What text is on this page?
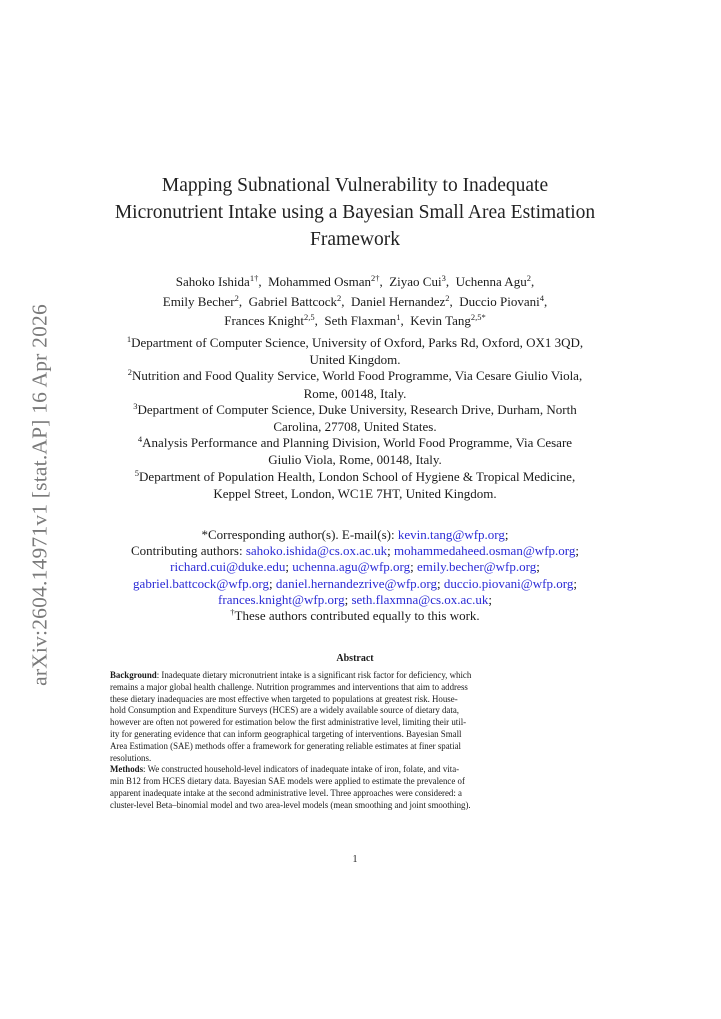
arXiv:2604.14971v1 [stat.AP] 16 Apr 2026
Mapping Subnational Vulnerability to Inadequate
Micronutrient Intake using a Bayesian Small Area Estimation
Framework
Sahoko Ishida$^{1\dagger}$,  Mohammed Osman$^{2\dagger}$,  Ziyao Cui$^3$,  Uchenna Agu$^2$,
Emily Becher$^2$,  Gabriel Battcock$^2$,  Daniel Hernandez$^2$,  Duccio Piovani$^4$,
Frances Knight$^{2,5}$,  Seth Flaxman$^1$,  Kevin Tang$^{2,5*}$
$^1$Department of Computer Science, University of Oxford, Parks Rd, Oxford, OX1 3QD,
United Kingdom.
$^2$Nutrition and Food Quality Service, World Food Programme, Via Cesare Giulio Viola,
Rome, 00148, Italy.
$^3$Department of Computer Science, Duke University, Research Drive, Durham, North
Carolina, 27708, United States.
$^4$Analysis Performance and Planning Division, World Food Programme, Via Cesare
Giulio Viola, Rome, 00148, Italy.
$^5$Department of Population Health, London School of Hygiene & Tropical Medicine,
Keppel Street, London, WC1E 7HT, United Kingdom.
*Corresponding author(s). E-mail(s): kevin.tang@wfp.org;
Contributing authors: sahoko.ishida@cs.ox.ac.uk; mohammedaheed.osman@wfp.org;
richard.cui@duke.edu; uchenna.agu@wfp.org; emily.becher@wfp.org;
gabriel.battcock@wfp.org; daniel.hernandezrive@wfp.org; duccio.piovani@wfp.org;
frances.knight@wfp.org; seth.flaxmna@cs.ox.ac.uk;
†These authors contributed equally to this work.
Abstract
Background: Inadequate dietary micronutrient intake is a significant risk factor for deficiency, which
remains a major global health challenge. Nutrition programmes and interventions that aim to address
these dietary inadequacies are most effective when targeted to populations at greatest risk. House-
hold Consumption and Expenditure Surveys (HCES) are a widely available source of dietary data,
however are often not powered for estimation below the first administrative level, limiting their util-
ity for generating evidence that can inform geographical targeting of interventions. Bayesian Small
Area Estimation (SAE) methods offer a framework for generating reliable estimates at finer spatial
resolutions.
Methods: We constructed household-level indicators of inadequate intake of iron, folate, and vita-
min B12 from HCES dietary data. Bayesian SAE models were applied to estimate the prevalence of
apparent inadequate intake at the second administrative level. Three approaches were considered: a
cluster-level Beta–binomial model and two area-level models (mean smoothing and joint smoothing).
1
